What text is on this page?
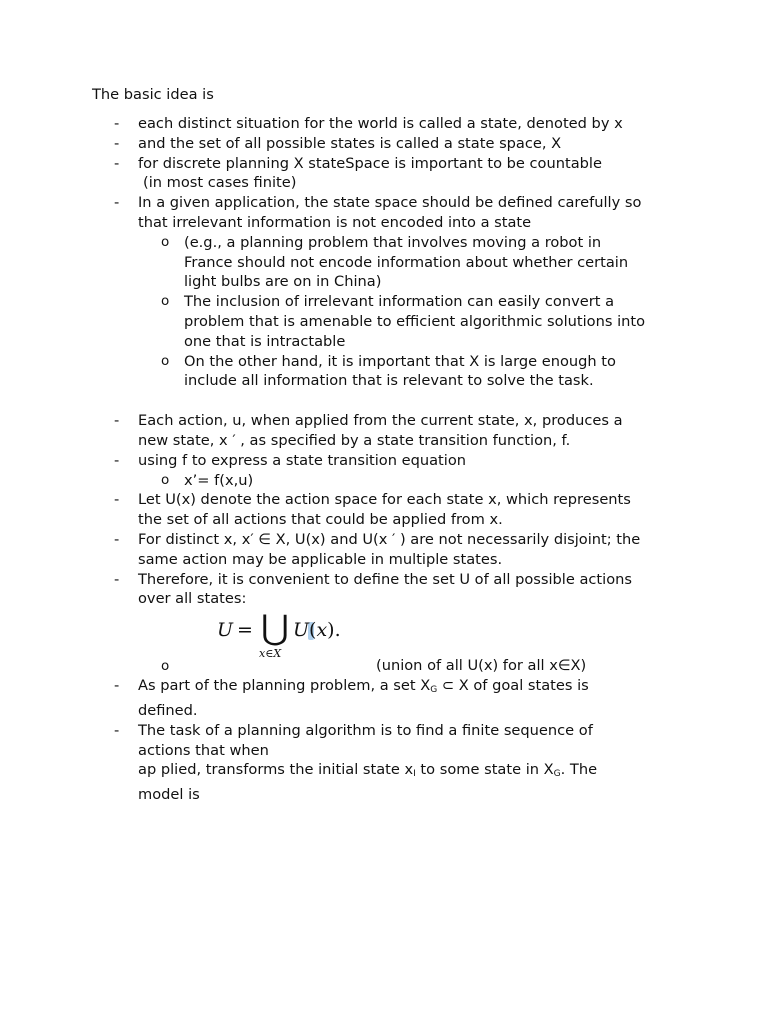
The basic idea is
- each distinct situation for the world is called a state, denoted by x
- and the set of all possible states is called a state space, X
- for discrete planning X stateSpace is important to be countable
(in most cases finite)
- In a given application, the state space should be defined carefully so
that irrelevant information is not encoded into a state
o (e.g., a planning problem that involves moving a robot in
France should not encode information about whether certain
light bulbs are on in China)
o The inclusion of irrelevant information can easily convert a
problem that is amenable to efficient algorithmic solutions into
one that is intractable
o On the other hand, it is important that X is large enough to
include all information that is relevant to solve the task.
- Each action, u, when applied from the current state, x, produces a
new state, x ′ , as specified by a state transition function, f.
- using f to express a state transition equation
o x’= f(x,u)
- Let U(x) denote the action space for each state x, which represents
the set of all actions that could be applied from x.
- For distinct x, x′ ∈ X, U(x) and U(x ′ ) are not necessarily disjoint; the
same action may be applicable in multiple states.
- Therefore, it is convenient to define the set U of all possible actions
over all states:
o	(union of all U(x) for all x∈X)
- As part of the planning problem, a set $X_G$ ⊂ X of goal states is
defined.
- The task of a planning algorithm is to find a finite sequence of
actions that when
ap plied, transforms the initial state $x_I$ to some state in $X_G$. The
model is
U = ⋃ U(x).
x∈X
